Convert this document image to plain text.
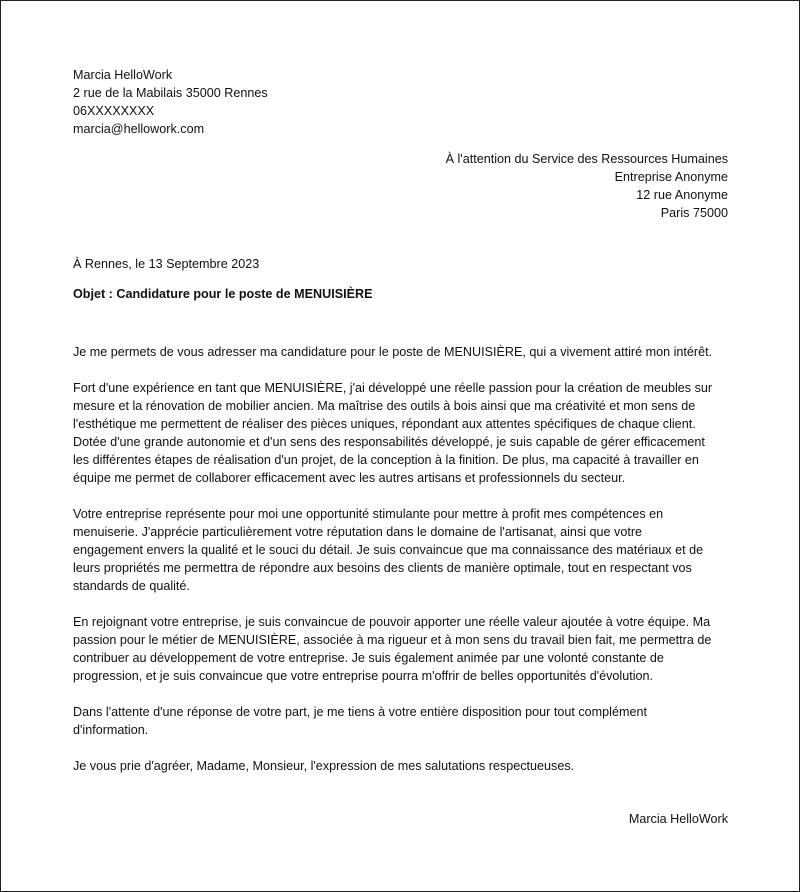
Marcia HelloWork
2 rue de la Mabilais 35000 Rennes
06XXXXXXXX
marcia@hellowork.com
À l'attention du Service des Ressources Humaines
Entreprise Anonyme
12 rue Anonyme
Paris 75000
À Rennes, le 13 Septembre 2023
Objet : Candidature pour le poste de MENUISIÈRE

Je me permets de vous adresser ma candidature pour le poste de MENUISIÈRE, qui a vivement attiré mon intérêt.

Fort d'une expérience en tant que MENUISIÈRE, j'ai développé une réelle passion pour la création de meubles sur
mesure et la rénovation de mobilier ancien. Ma maîtrise des outils à bois ainsi que ma créativité et mon sens de
l'esthétique me permettent de réaliser des pièces uniques, répondant aux attentes spécifiques de chaque client.
Dotée d'une grande autonomie et d'un sens des responsabilités développé, je suis capable de gérer efficacement
les différentes étapes de réalisation d'un projet, de la conception à la finition. De plus, ma capacité à travailler en
équipe me permet de collaborer efficacement avec les autres artisans et professionnels du secteur.

Votre entreprise représente pour moi une opportunité stimulante pour mettre à profit mes compétences en
menuiserie. J'apprécie particulièrement votre réputation dans le domaine de l'artisanat, ainsi que votre
engagement envers la qualité et le souci du détail. Je suis convaincue que ma connaissance des matériaux et de
leurs propriétés me permettra de répondre aux besoins des clients de manière optimale, tout en respectant vos
standards de qualité.

En rejoignant votre entreprise, je suis convaincue de pouvoir apporter une réelle valeur ajoutée à votre équipe. Ma
passion pour le métier de MENUISIÈRE, associée à ma rigueur et à mon sens du travail bien fait, me permettra de
contribuer au développement de votre entreprise. Je suis également animée par une volonté constante de
progression, et je suis convaincue que votre entreprise pourra m'offrir de belles opportunités d'évolution.

Dans l'attente d'une réponse de votre part, je me tiens à votre entière disposition pour tout complément
d'information.

Je vous prie d'agréer, Madame, Monsieur, l'expression de mes salutations respectueuses.

Marcia HelloWork
